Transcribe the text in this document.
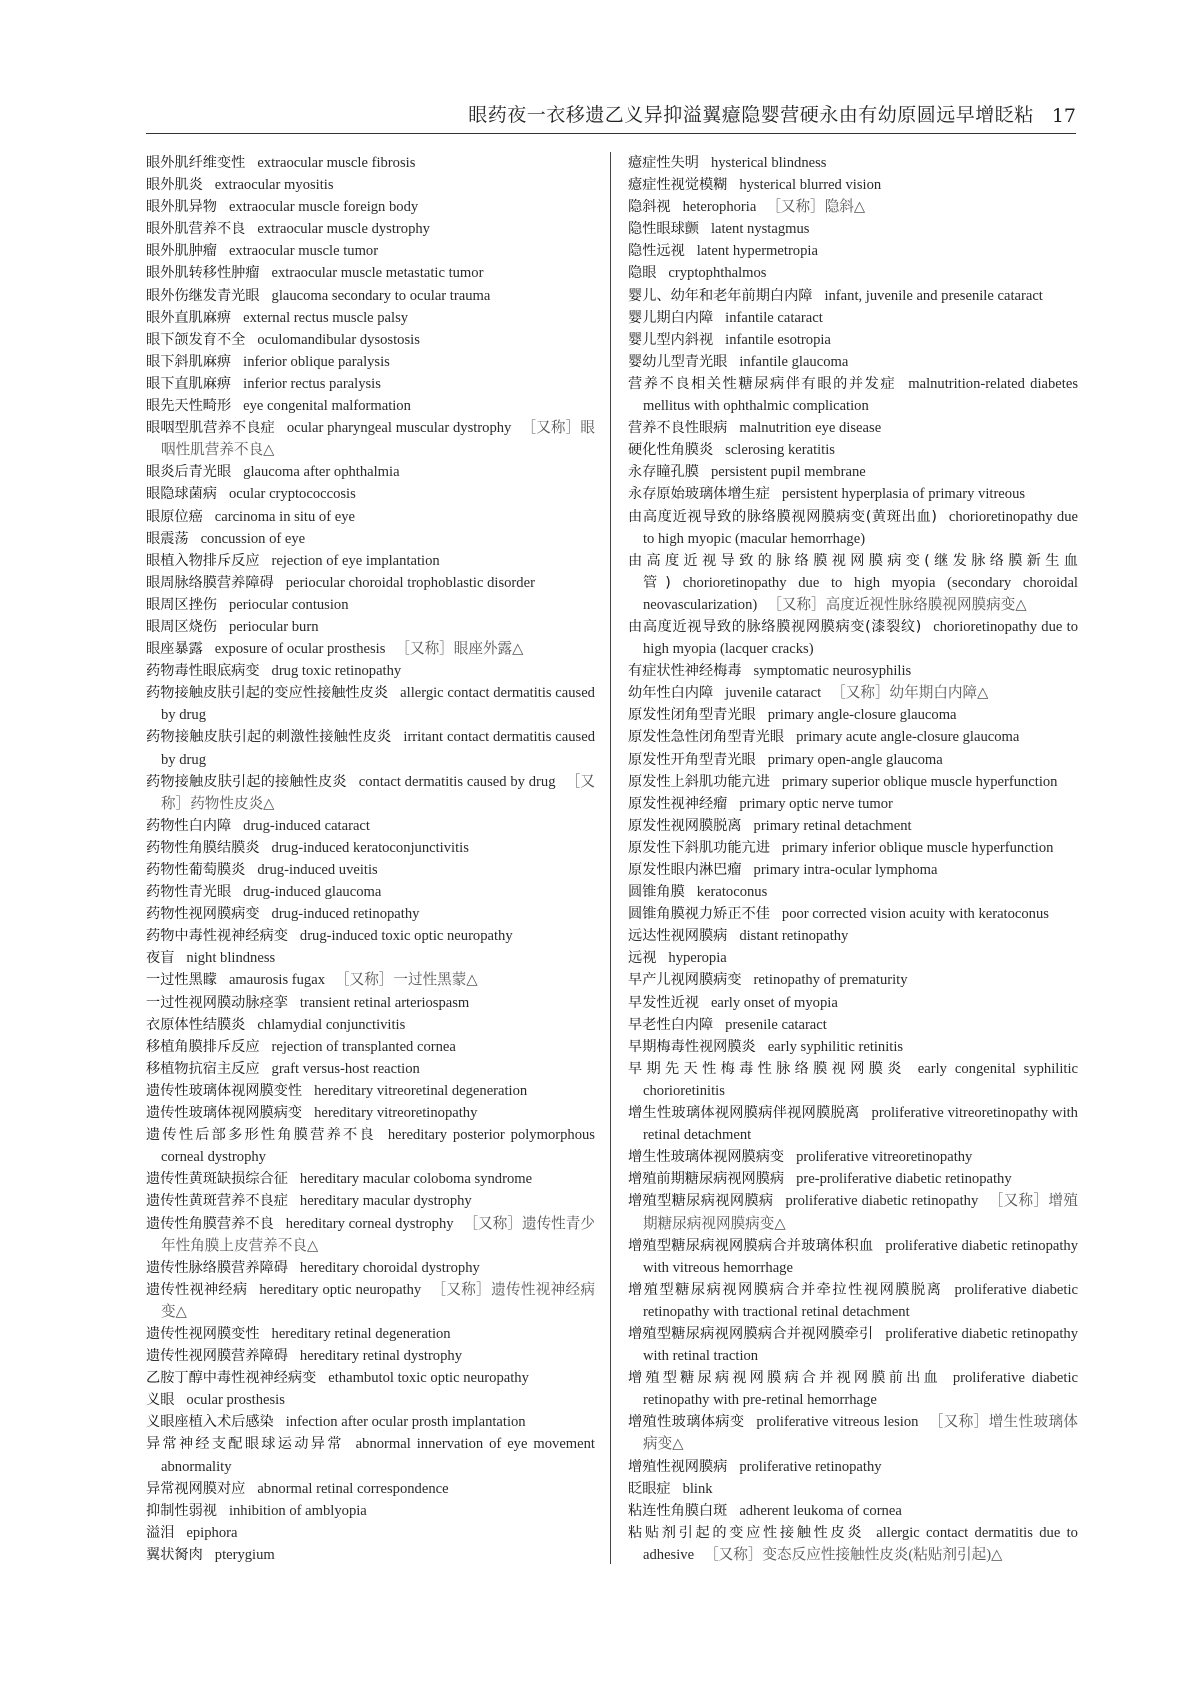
眼药夜一衣移遗乙义异抑溢翼癔隐婴营硬永由有幼原圆远早增眨粘 17

眼外肌纤维变性 extraocular muscle fibrosis

眼外肌炎 extraocular myositis

眼外肌异物 extraocular muscle foreign body

眼外肌营养不良 extraocular muscle dystrophy

眼外肌肿瘤 extraocular muscle tumor

眼外肌转移性肿瘤 extraocular muscle metastatic tumor

眼外伤继发青光眼 glaucoma secondary to ocular trauma

眼外直肌麻痹 external rectus muscle palsy

眼下颌发育不全 oculomandibular dysostosis

眼下斜肌麻痹 inferior oblique paralysis

眼下直肌麻痹 inferior rectus paralysis

眼先天性畸形 eye congenital malformation

眼咽型肌营养不良症 ocular pharyngeal muscular dystrophy ［又称］眼咽性肌营养不良△

眼炎后青光眼 glaucoma after ophthalmia

眼隐球菌病 ocular cryptococcosis

眼原位癌 carcinoma in situ of eye

眼震荡 concussion of eye

眼植入物排斥反应 rejection of eye implantation

眼周脉络膜营养障碍 periocular choroidal trophoblastic disorder

眼周区挫伤 periocular contusion

眼周区烧伤 periocular burn

眼座暴露 exposure of ocular prosthesis ［又称］眼座外露△

药物毒性眼底病变 drug toxic retinopathy

药物接触皮肤引起的变应性接触性皮炎 allergic contact dermatitis caused by drug

药物接触皮肤引起的刺激性接触性皮炎 irritant contact dermatitis caused by drug

药物接触皮肤引起的接触性皮炎 contact dermatitis caused by drug ［又称］药物性皮炎△

药物性白内障 drug-induced cataract

药物性角膜结膜炎 drug-induced keratoconjunctivitis

药物性葡萄膜炎 drug-induced uveitis

药物性青光眼 drug-induced glaucoma

药物性视网膜病变 drug-induced retinopathy

药物中毒性视神经病变 drug-induced toxic optic neuropathy

夜盲 night blindness

一过性黑矇 amaurosis fugax ［又称］一过性黑蒙△

一过性视网膜动脉痉挛 transient retinal arteriospasm

衣原体性结膜炎 chlamydial conjunctivitis

移植角膜排斥反应 rejection of transplanted cornea

移植物抗宿主反应 graft versus-host reaction

遗传性玻璃体视网膜变性 hereditary vitreoretinal degeneration

遗传性玻璃体视网膜病变 hereditary vitreoretinopathy

遗传性后部多形性角膜营养不良 hereditary posterior polymorphous corneal dystrophy

遗传性黄斑缺损综合征 hereditary macular coloboma syndrome

遗传性黄斑营养不良症 hereditary macular dystrophy

遗传性角膜营养不良 hereditary corneal dystrophy ［又称］遗传性青少年性角膜上皮营养不良△

遗传性脉络膜营养障碍 hereditary choroidal dystrophy

遗传性视神经病 hereditary optic neuropathy ［又称］遗传性视神经病变△

遗传性视网膜变性 hereditary retinal degeneration

遗传性视网膜营养障碍 hereditary retinal dystrophy

乙胺丁醇中毒性视神经病变 ethambutol toxic optic neuropathy

义眼 ocular prosthesis

义眼座植入术后感染 infection after ocular prosth implantation

异常神经支配眼球运动异常 abnormal innervation of eye movement abnormality

异常视网膜对应 abnormal retinal correspondence

抑制性弱视 inhibition of amblyopia

溢泪 epiphora

翼状胬肉 pterygium

癔症性失明 hysterical blindness

癔症性视觉模糊 hysterical blurred vision

隐斜视 heterophoria ［又称］隐斜△

隐性眼球颤 latent nystagmus

隐性远视 latent hypermetropia

隐眼 cryptophthalmos

婴儿、幼年和老年前期白内障 infant, juvenile and presenile cataract

婴儿期白内障 infantile cataract

婴儿型内斜视 infantile esotropia

婴幼儿型青光眼 infantile glaucoma

营养不良相关性糖尿病伴有眼的并发症 malnutrition-related diabetes mellitus with ophthalmic complication

营养不良性眼病 malnutrition eye disease

硬化性角膜炎 sclerosing keratitis

永存瞳孔膜 persistent pupil membrane

永存原始玻璃体增生症 persistent hyperplasia of primary vitreous

由高度近视导致的脉络膜视网膜病变(黄斑出血) chorioretinopathy due to high myopic (macular hemorrhage)

由高度近视导致的脉络膜视网膜病变(继发脉络膜新生血管) chorioretinopathy due to high myopia (secondary choroidal neovascularization) ［又称］高度近视性脉络膜视网膜病变△

由高度近视导致的脉络膜视网膜病变(漆裂纹) chorioretinopathy due to high myopia (lacquer cracks)

有症状性神经梅毒 symptomatic neurosyphilis

幼年性白内障 juvenile cataract ［又称］幼年期白内障△

原发性闭角型青光眼 primary angle-closure glaucoma

原发性急性闭角型青光眼 primary acute angle-closure glaucoma

原发性开角型青光眼 primary open-angle glaucoma

原发性上斜肌功能亢进 primary superior oblique muscle hyperfunction

原发性视神经瘤 primary optic nerve tumor

原发性视网膜脱离 primary retinal detachment

原发性下斜肌功能亢进 primary inferior oblique muscle hyperfunction

原发性眼内淋巴瘤 primary intra-ocular lymphoma

圆锥角膜 keratoconus

圆锥角膜视力矫正不佳 poor corrected vision acuity with keratoconus

远达性视网膜病 distant retinopathy

远视 hyperopia

早产儿视网膜病变 retinopathy of prematurity

早发性近视 early onset of myopia

早老性白内障 presenile cataract

早期梅毒性视网膜炎 early syphilitic retinitis

早期先天性梅毒性脉络膜视网膜炎 early congenital syphilitic chorioretinitis

增生性玻璃体视网膜病伴视网膜脱离 proliferative vitreoretinopathy with retinal detachment

增生性玻璃体视网膜病变 proliferative vitreoretinopathy

增殖前期糖尿病视网膜病 pre-proliferative diabetic retinopathy

增殖型糖尿病视网膜病 proliferative diabetic retinopathy ［又称］增殖期糖尿病视网膜病变△

增殖型糖尿病视网膜病合并玻璃体积血 proliferative diabetic retinopathy with vitreous hemorrhage

增殖型糖尿病视网膜病合并牵拉性视网膜脱离 proliferative diabetic retinopathy with tractional retinal detachment

增殖型糖尿病视网膜病合并视网膜牵引 proliferative diabetic retinopathy with retinal traction

增殖型糖尿病视网膜病合并视网膜前出血 proliferative diabetic retinopathy with pre-retinal hemorrhage

增殖性玻璃体病变 proliferative vitreous lesion ［又称］增生性玻璃体病变△

增殖性视网膜病 proliferative retinopathy

眨眼症 blink

粘连性角膜白斑 adherent leukoma of cornea

粘贴剂引起的变应性接触性皮炎 allergic contact dermatitis due to adhesive ［又称］变态反应性接触性皮炎(粘贴剂引起)△
